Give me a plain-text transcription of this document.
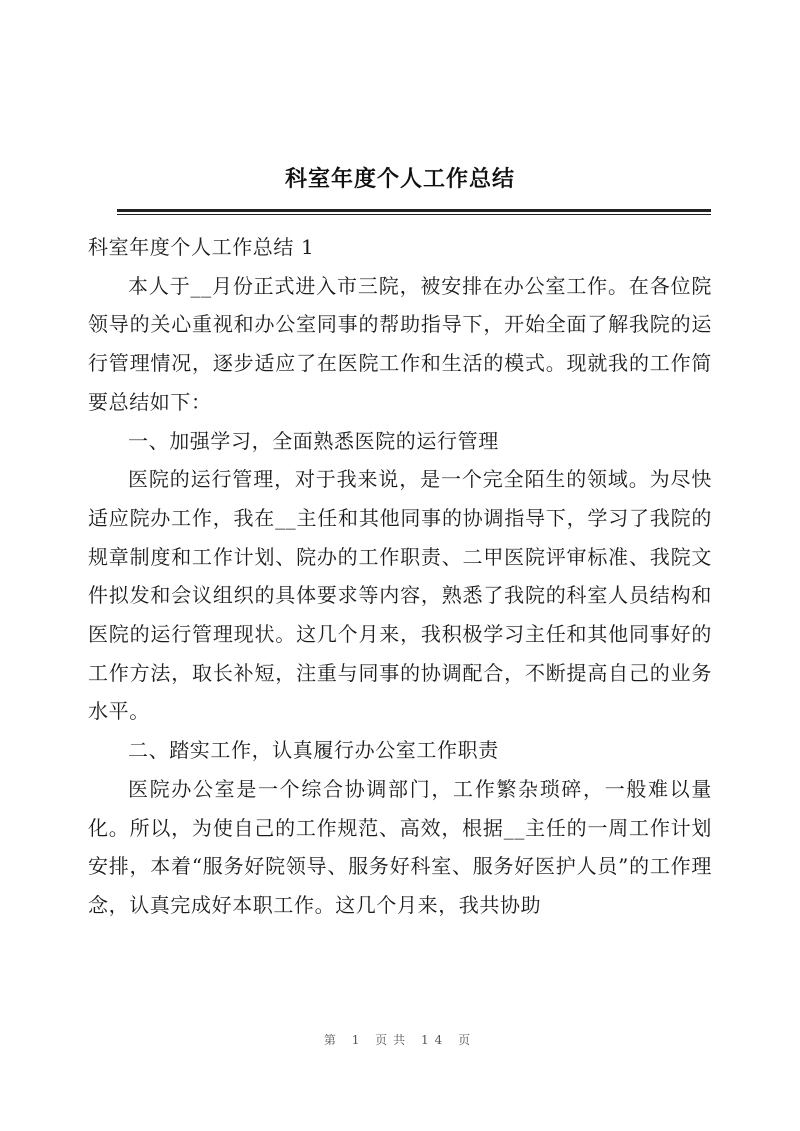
科室年度个人工作总结

科室年度个人工作总结 1

本人于__月份正式进入市三院，被安排在办公室工作。在各位院领导的关心重视和办公室同事的帮助指导下，开始全面了解我院的运行管理情况，逐步适应了在医院工作和生活的模式。现就我的工作简要总结如下：

一、加强学习，全面熟悉医院的运行管理

医院的运行管理，对于我来说，是一个完全陌生的领域。为尽快适应院办工作，我在__主任和其他同事的协调指导下，学习了我院的规章制度和工作计划、院办的工作职责、二甲医院评审标准、我院文件拟发和会议组织的具体要求等内容，熟悉了我院的科室人员结构和医院的运行管理现状。这几个月来，我积极学习主任和其他同事好的工作方法，取长补短，注重与同事的协调配合，不断提高自己的业务水平。

二、踏实工作，认真履行办公室工作职责

医院办公室是一个综合协调部门，工作繁杂琐碎，一般难以量化。所以，为使自己的工作规范、高效，根据__主任的一周工作计划安排，本着“服务好院领导、服务好科室、服务好医护人员”的工作理念，认真完成好本职工作。这几个月来，我共协助

第 1 页共 14 页
